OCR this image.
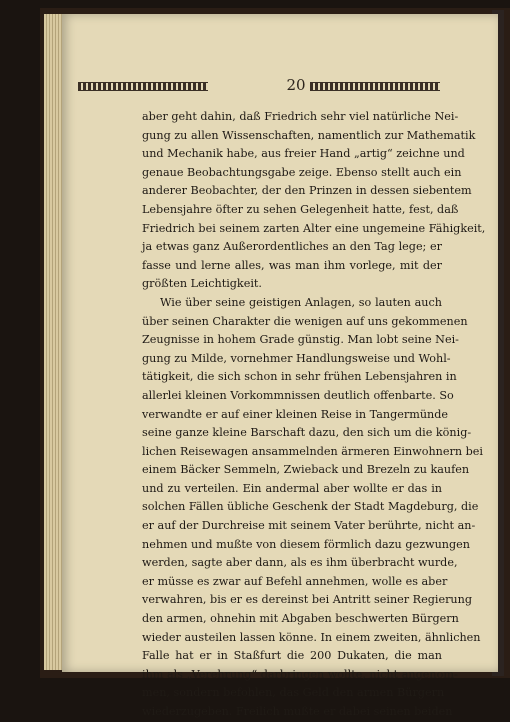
20
aber geht dahin, daß Friedrich sehr viel natürliche Nei-
gung zu allen Wissenschaften, namentlich zur Mathematik
und Mechanik habe, aus freier Hand „artig“ zeichne und
genaue Beobachtungsgabe zeige. Ebenso stellt auch ein
anderer Beobachter, der den Prinzen in dessen siebentem
Lebensjahre öfter zu sehen Gelegenheit hatte, fest, daß
Friedrich bei seinem zarten Alter eine ungemeine Fähigkeit,
ja etwas ganz Außerordentliches an den Tag lege; er
fasse und lerne alles, was man ihm vorlege, mit der
größten Leichtigkeit.
Wie über seine geistigen Anlagen, so lauten auch
über seinen Charakter die wenigen auf uns gekommenen
Zeugnisse in hohem Grade günstig. Man lobt seine Nei-
gung zu Milde, vornehmer Handlungsweise und Wohl-
tätigkeit, die sich schon in sehr frühen Lebensjahren in
allerlei kleinen Vorkommnissen deutlich offenbarte. So
verwandte er auf einer kleinen Reise in Tangermünde
seine ganze kleine Barschaft dazu, den sich um die könig-
lichen Reisewagen ansammelnden ärmeren Einwohnern bei
einem Bäcker Semmeln, Zwieback und Brezeln zu kaufen
und zu verteilen. Ein andermal aber wollte er das in
solchen Fällen übliche Geschenk der Stadt Magdeburg, die
er auf der Durchreise mit seinem Vater berührte, nicht an-
nehmen und mußte von diesem förmlich dazu gezwungen
werden, sagte aber dann, als es ihm überbracht wurde,
er müsse es zwar auf Befehl annehmen, wolle es aber
verwahren, bis er es dereinst bei Antritt seiner Regierung
den armen, ohnehin mit Abgaben beschwerten Bürgern
wieder austeilen lassen könne. In einem zweiten, ähnlichen
Falle hat er in Staßfurt die 200 Dukaten, die man
ihm als „Verehrung“ darbringen wollte, nicht angenom-
men, sondern befohlen, das Geld den armen Bürgern
wiederzugeben. Freilich mußte er dabei seinen beiden
